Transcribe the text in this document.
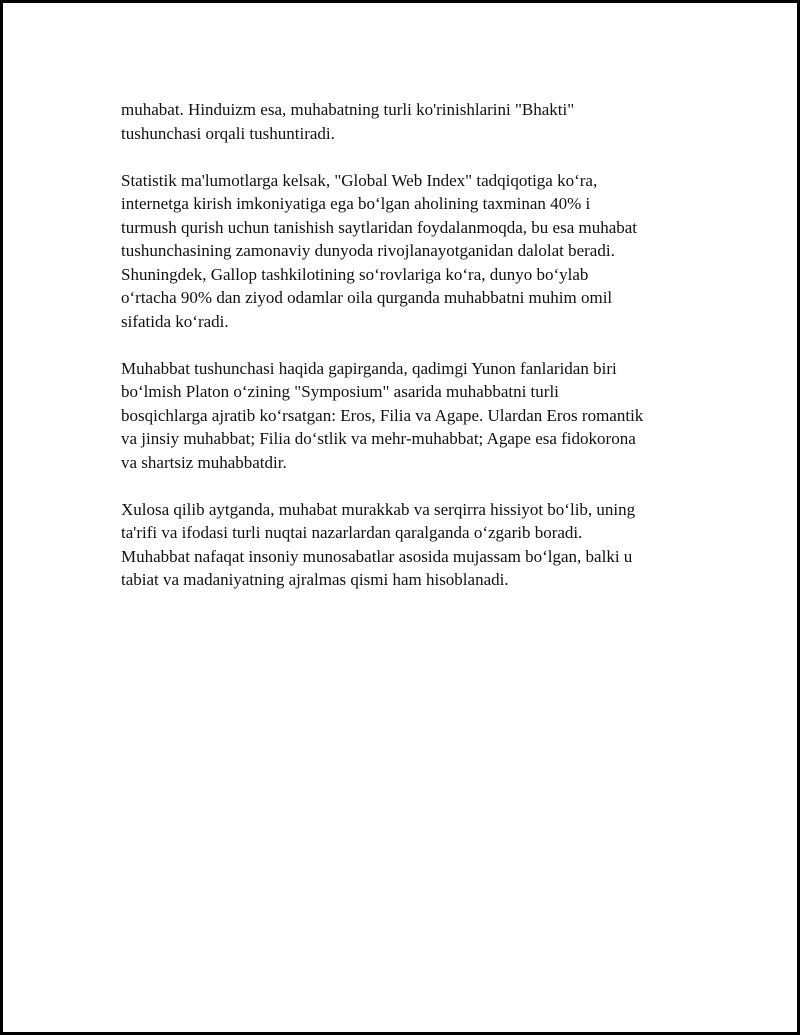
muhabat. Hinduizm esa, muhabatning turli ko'rinishlarini "Bhakti"
tushunchasi orqali tushuntiradi.

Statistik ma'lumotlarga kelsak, "Global Web Index" tadqiqotiga ko‘ra,
internetga kirish imkoniyatiga ega bo‘lgan aholining taxminan 40% i
turmush qurish uchun tanishish saytlaridan foydalanmoqda, bu esa muhabat
tushunchasining zamonaviy dunyoda rivojlanayotganidan dalolat beradi.
Shuningdek, Gallop tashkilotining so‘rovlariga ko‘ra, dunyo bo‘ylab
o‘rtacha 90% dan ziyod odamlar oila qurganda muhabbatni muhim omil
sifatida ko‘radi.

Muhabbat tushunchasi haqida gapirganda, qadimgi Yunon fanlaridan biri
bo‘lmish Platon o‘zining "Symposium" asarida muhabbatni turli
bosqichlarga ajratib ko‘rsatgan: Eros, Filia va Agape. Ulardan Eros romantik
va jinsiy muhabbat; Filia do‘stlik va mehr-muhabbat; Agape esa fidokorona
va shartsiz muhabbatdir.

Xulosa qilib aytganda, muhabat murakkab va serqirra hissiyot bo‘lib, uning
ta'rifi va ifodasi turli nuqtai nazarlardan qaralganda o‘zgarib boradi.
Muhabbat nafaqat insoniy munosabatlar asosida mujassam bo‘lgan, balki u
tabiat va madaniyatning ajralmas qismi ham hisoblanadi.
